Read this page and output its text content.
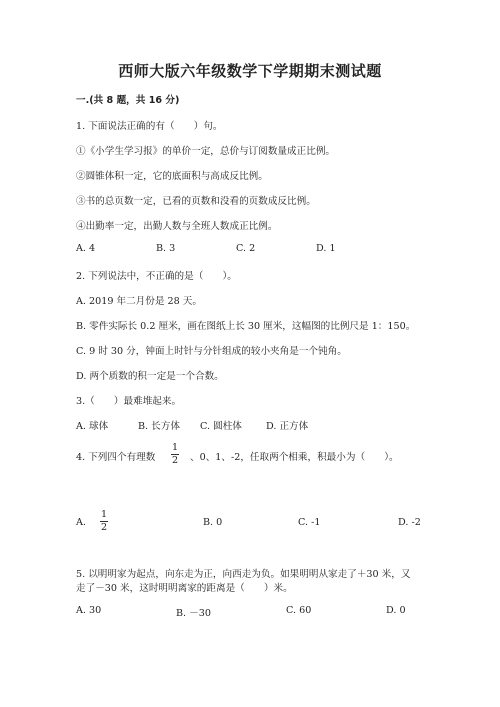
西师大版六年级数学下学期期末测试题
一.(共 8 题，共 16 分)
1. 下面说法正确的有（　　）句。
①《小学生学习报》的单价一定，总价与订阅数量成正比例。
②圆锥体积一定，它的底面积与高成反比例。
③书的总页数一定，已看的页数和没看的页数成反比例。
④出勤率一定，出勤人数与全班人数成正比例。
A. 4	B. 3	C. 2	D. 1
2. 下列说法中，不正确的是（　　）。
A. 2019 年二月份是 28 天。
B. 零件实际长 0.2 厘米，画在图纸上长 30 厘米，这幅图的比例尺是 1：150。
C. 9 时 30 分，钟面上时针与分针组成的较小夹角是一个钝角。
D. 两个质数的积一定是一个合数。
3.（　　）最难堆起来。
A. 球体	B. 长方体 C. 圆柱体	D. 正方体
4. 下列四个有理数
1
2 、0、1、-2，任取两个相乘，积最小为（　　）。
A.
1
2	B. 0	C. -1	D. -2
5. 以明明家为起点，向东走为正，向西走为负。如果明明从家走了＋30 米，又
走了－30 米，这时明明离家的距离是（　　）米。
A. 30	B. －30	C. 60	D. 0
